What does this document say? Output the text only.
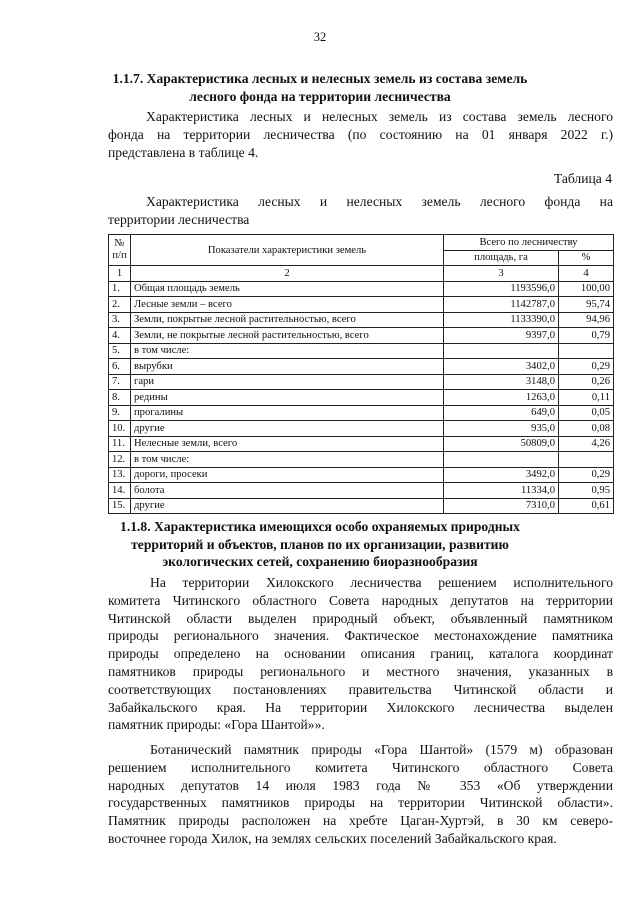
32
1.1.7. Характеристика лесных и нелесных земель из состава земель
лесного фонда на территории лесничества
Характеристика лесных и нелесных земель из состава земель лесного
фонда на территории лесничества (по состоянию на 01 января 2022 г.)
представлена в таблице 4.
Таблица 4
Характеристика лесных и нелесных земель лесного фонда на
территории лесничества
№ п/п	Показатели характеристики земель	Всего по лесничеству	
		площадь, га	%
1	2	3	4
1.	Общая площадь земель	1193596,0	100,00
2.	Лесные земли – всего	1142787,0	95,74
3.	Земли, покрытые лесной растительностью, всего	1133390,0	94,96
4.	Земли, не покрытые лесной растительностью, всего	9397,0	0,79
5.	в том числе:		
6.	вырубки	3402,0	0,29
7.	гари	3148,0	0,26
8.	редины	1263,0	0,11
9.	прогалины	649,0	0,05
10.	другие	935,0	0,08
11.	Нелесные земли, всего	50809,0	4,26
12.	в том числе:		
13.	дороги, просеки	3492,0	0,29
14.	болота	11334,0	0,95
15.	другие	7310,0	0,61
1.1.8. Характеристика имеющихся особо охраняемых природных
территорий и объектов, планов по их организации, развитию
экологических сетей, сохранению биоразнообразия
На территории Хилокского лесничества решением исполнительного
комитета Читинского областного Совета народных депутатов на территории
Читинской области выделен природный объект, объявленный памятником
природы регионального значения. Фактическое местонахождение памятника
природы определено на основании описания границ, каталога координат
памятников природы регионального и местного значения, указанных в
соответствующих постановлениях правительства Читинской области и
Забайкальского края. На территории Хилокского лесничества выделен
памятник природы: «Гора Шантой»».
Ботанический памятник природы «Гора Шантой» (1579 м) образован
решением исполнительного комитета Читинского областного Совета
народных депутатов 14 июля 1983 года № 353 «Об утверждении
государственных памятников природы на территории Читинской области».
Памятник природы расположен на хребте Цаган-Хуртэй, в 30 км северо-
восточнее города Хилок, на землях сельских поселений Забайкальского края.
